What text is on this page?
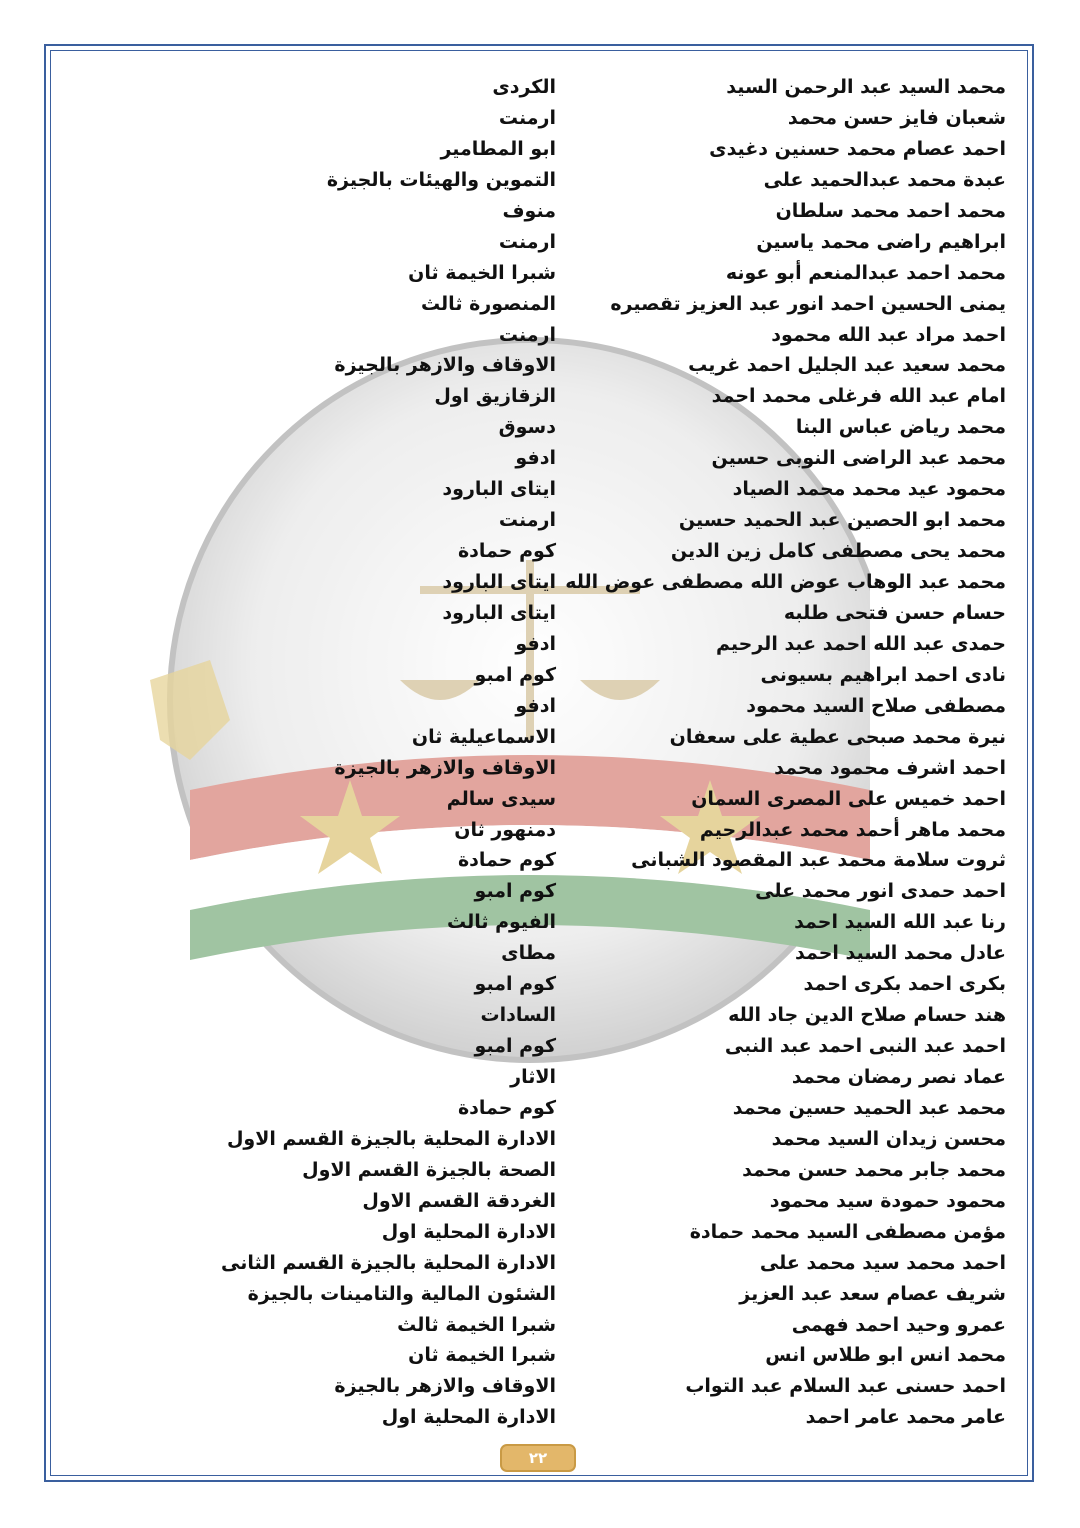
محمد السيد عبد الرحمن السيد
الكردى
شعبان فايز حسن محمد
ارمنت
احمد عصام محمد حسنين دغيدى
ابو المطامير
عبدة محمد عبدالحميد على
التموين والهيئات بالجيزة
محمد احمد محمد سلطان
منوف
ابراهيم راضى محمد ياسين
ارمنت
محمد احمد عبدالمنعم أبو عونه
شبرا الخيمة ثان
يمنى الحسين احمد انور عبد العزيز تقصيره
المنصورة ثالث
احمد مراد عبد الله محمود
ارمنت
محمد سعيد عبد الجليل احمد غريب
الاوقاف والازهر بالجيزة
امام عبد الله فرغلى محمد احمد
الزقازيق اول
محمد رياض عباس البنا
دسوق
محمد عبد الراضى النوبى حسين
ادفو
محمود عيد محمد محمد الصياد
ايتاى البارود
محمد ابو الحصين عبد الحميد حسين
ارمنت
محمد يحى مصطفى كامل زين الدين
كوم حمادة
محمد عبد الوهاب عوض الله مصطفى عوض الله
ايتاى البارود
حسام حسن فتحى طلبه
ايتاى البارود
حمدى عبد الله احمد عبد الرحيم
ادفو
نادى احمد ابراهيم بسيونى
كوم امبو
مصطفى صلاح السيد محمود
ادفو
نيرة محمد صبحى عطية على سعفان
الاسماعيلية ثان
احمد اشرف محمود محمد
الاوقاف والازهر بالجيزة
احمد خميس على المصرى السمان
سيدى سالم
محمد ماهر أحمد محمد عبدالرحيم
دمنهور ثان
ثروت سلامة محمد عبد المقصود الشبانى
كوم حمادة
احمد حمدى انور محمد على
كوم امبو
رنا عبد الله السيد احمد
الفيوم ثالث
عادل محمد السيد احمد
مطاى
بكرى احمد بكرى احمد
كوم امبو
هند حسام صلاح الدين جاد الله
السادات
احمد عبد النبى احمد عبد النبى
كوم امبو
عماد نصر رمضان محمد
الاثار
محمد عبد الحميد حسين محمد
كوم حمادة
محسن زيدان السيد محمد
الادارة المحلية بالجيزة القسم الاول
محمد جابر محمد حسن محمد
الصحة بالجيزة القسم الاول
محمود حمودة سيد محمود
الغردقة القسم الاول
مؤمن مصطفى السيد محمد حمادة
الادارة المحلية اول
احمد محمد سيد محمد على
الادارة المحلية بالجيزة القسم الثانى
شريف عصام سعد عبد العزيز
الشئون المالية والتامينات بالجيزة
عمرو وحيد احمد فهمى
شبرا الخيمة ثالث
محمد انس ابو طلاس انس
شبرا الخيمة ثان
احمد حسنى عبد السلام عبد التواب
الاوقاف والازهر بالجيزة
عامر محمد عامر احمد
الادارة المحلية اول
٢٢
